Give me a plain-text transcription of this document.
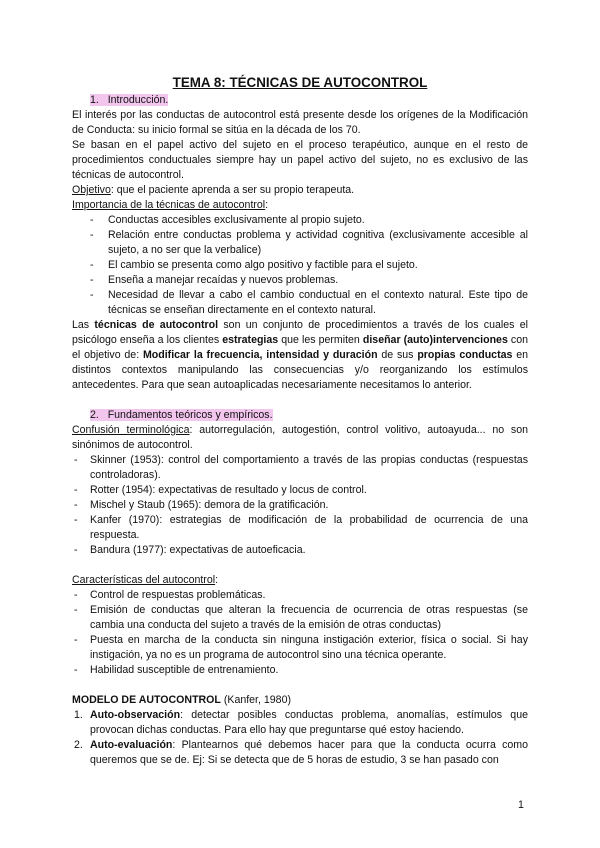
TEMA 8: TÉCNICAS DE AUTOCONTROL
1. Introducción.

El interés por las conductas de autocontrol está presente desde los orígenes de la Modificación de Conducta: su inicio formal se sitúa en la década de los 70.

Se basan en el papel activo del sujeto en el proceso terapéutico, aunque en el resto de procedimientos conductuales siempre hay un papel activo del sujeto, no es exclusivo de las técnicas de autocontrol.

Objetivo: que el paciente aprenda a ser su propio terapeuta.

Importancia de la técnicas de autocontrol:

- Conductas accesibles exclusivamente al propio sujeto.
- Relación entre conductas problema y actividad cognitiva (exclusivamente accesible al sujeto, a no ser que la verbalice)
- El cambio se presenta como algo positivo y factible para el sujeto.
- Enseña a manejar recaídas y nuevos problemas.
- Necesidad de llevar a cabo el cambio conductual en el contexto natural. Este tipo de técnicas se enseñan directamente en el contexto natural.

Las técnicas de autocontrol son un conjunto de procedimientos a través de los cuales el psicólogo enseña a los clientes estrategias que les permiten diseñar (auto)intervenciones con el objetivo de: Modificar la frecuencia, intensidad y duración de sus propias conductas en distintos contextos manipulando las consecuencias y/o reorganizando los estímulos antecedentes. Para que sean autoaplicadas necesariamente necesitamos lo anterior.

2. Fundamentos teóricos y empíricos.

Confusión terminológica: autorregulación, autogestión, control volitivo, autoayuda... no son sinónimos de autocontrol.

- Skinner (1953): control del comportamiento a través de las propias conductas (respuestas controladoras).
- Rotter (1954): expectativas de resultado y locus de control.
- Mischel y Staub (1965): demora de la gratificación.
- Kanfer (1970): estrategias de modificación de la probabilidad de ocurrencia de una respuesta.
- Bandura (1977): expectativas de autoeficacia.

Características del autocontrol:

- Control de respuestas problemáticas.
- Emisión de conductas que alteran la frecuencia de ocurrencia de otras respuestas (se cambia una conducta del sujeto a través de la emisión de otras conductas)
- Puesta en marcha de la conducta sin ninguna instigación exterior, física o social. Si hay instigación, ya no es un programa de autocontrol sino una técnica operante.
- Habilidad susceptible de entrenamiento.

MODELO DE AUTOCONTROL (Kanfer, 1980)

1. Auto-observación: detectar posibles conductas problema, anomalías, estímulos que provocan dichas conductas. Para ello hay que preguntarse qué estoy haciendo.
2. Auto-evaluación: Plantearnos qué debemos hacer para que la conducta ocurra como queremos que se de. Ej: Si se detecta que de 5 horas de estudio, 3 se han pasado con
1
